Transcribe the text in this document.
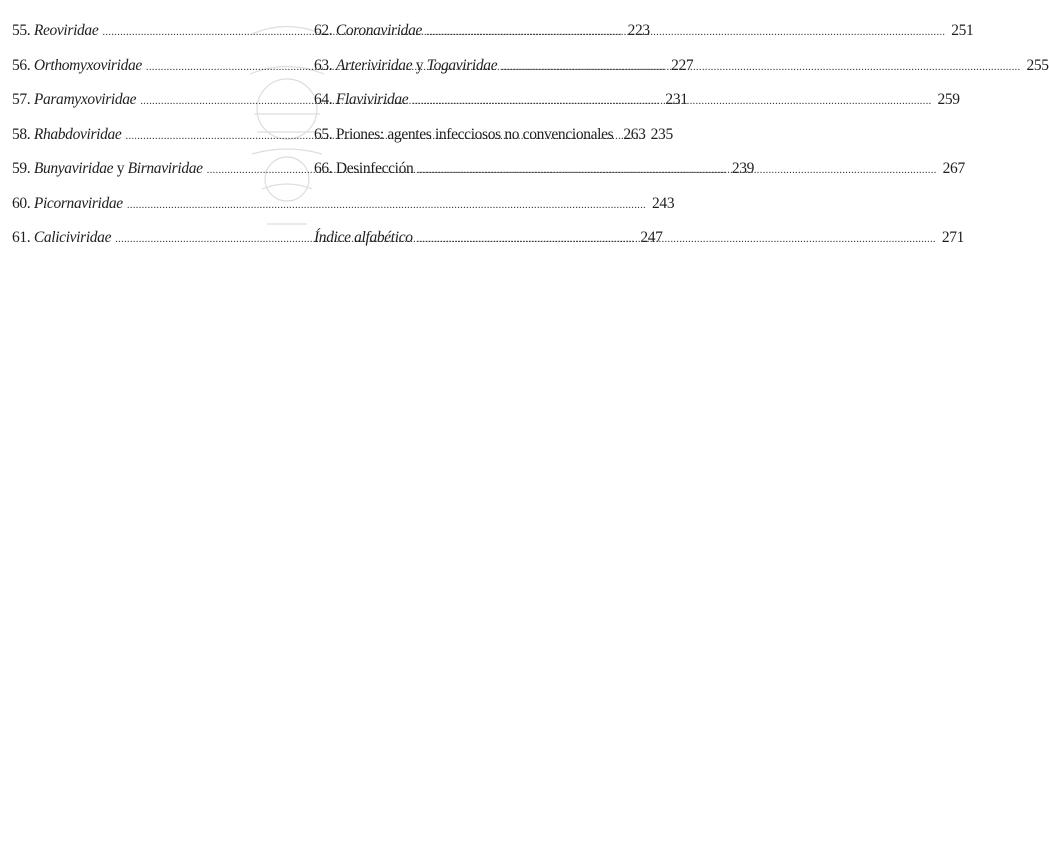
55. Reoviridae .....	223
56. Orthomyxoviridae .....	227
57. Paramyxoviridae .....	231
58. Rhabdoviridae .....	235
59. Bunyaviridae y Birnaviridae .....	239
60. Picornaviridae .....	243
61. Caliciviridae .....	247
62. Coronaviridae .....	251
63. Arteriviridae y Togaviridae .....	255
64. Flaviviridae .....	259
65. Priones: agentes infecciosos no convencionales 263
66. Desinfección .....	267
Índice alfabético .....	271
